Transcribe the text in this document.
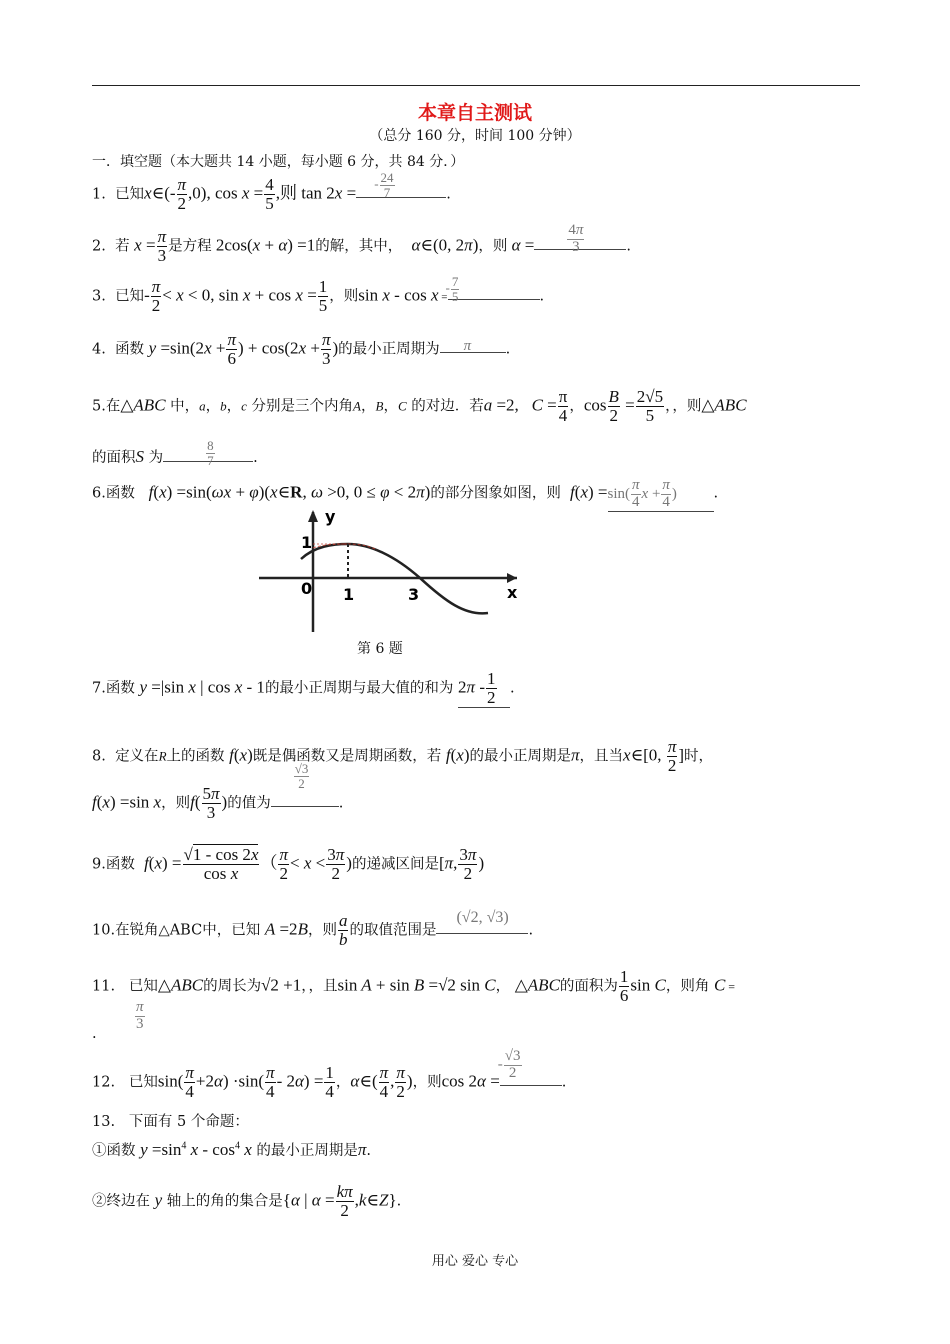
本章自主测试
（总分 160 分，时间 100 分钟）
一．填空题（本大题共 14 小题，每小题 6 分，共 84 分．）
1. 已知x∈(- $\frac{\pi}{2} ,0$), $\cos x = \frac{4}{5}$ ,则 tan 2x = - $\frac{24}{7}$	.
2. 若 $x = \frac{\pi}{3}$ 是方程 2cos(x + α) =1的解，其中， α∈(0, 2π)，则 $\alpha = \frac{4\pi}{3}$	.
3. 已知- $\frac{\pi}{2} < x < 0$, $\sin x + \cos x = \frac{1}{5}$ ，则sin x - cos x =
- $\frac{7}{5}$	.
4. 函数 $y =\sin(2x + \frac{\pi}{6}$ ) + $\cos(2x + \frac{\pi}{3}$ )的最小正周期为 π .
5.在△ABC 中，a，b，c 分别是三个内角A，B，C 的对边．若a =2,   $C = \frac{\pi}{4}$ ，$\cos \frac{B}{2} = \frac{2√5}{5}$ ，，则△ABC
的面积S 为	$\frac{8}{7}$	.
6.函数 f(x) =sin(ωx + φ)(x∈R, ω >0, 0 ≤ φ < 2π)的部分图象如图，则 $f(x) =\sin( \frac{\pi}{4}$ $x + \frac{\pi}{4}$ )	.
y
x
1
0 1	3
第 6 题
7.函数 y =|sin x | cos x - 1的最小正周期与最大值的和为 $2\pi - \frac{1}{2}$ .
8. 定义在R上的函数 f(x)既是偶函数又是周期函数，若 f(x)的最小正周期是π，且当x∈[0, $\frac{\pi}{2}$ ]时，
f(x) =sin x，则$f( \frac{5\pi}{3}$ )的值为
$\frac{√3}{2}$
.
9.函数 $f(x) = \frac{√1 - \cos 2x}{\text{cos x}}$ （ $\frac{\pi}{2} < x < \frac{3\pi}{2}$ )的递减区间是[π, $\frac{3\pi}{2}$ )
10.在锐角△ABC中，已知 A =2B，则 $\frac{a}{b}$ 的取值范围是
(√2, √3)
.
11. 已知△ABC的周长为√2 +1，，且sin A + sin B =√2 sin C， △ABC的面积为 $\frac{1}{6}$ sin C，则角 C =
.
$\frac{\pi}{3}$
12. 已知$\sin( \frac{\pi}{4} +2\alpha) \cdot\sin( \frac{\pi}{4} - 2\alpha) = \frac{1}{4}$ ，α∈( $\frac{\pi}{4}$ , $\frac{\pi}{2}$ )，则cos 2α =
- $\frac{√3}{2}$
.
13. 下面有 5 个命题：
①函数 $y =\sin^4$ x - $\cos^4 x$ 的最小正周期是π.
②终边在 y 轴上的角的集合是{α | $\alpha = \frac{k\pi}{2}$ ,k∈Z}.
用心 爱心 专心
